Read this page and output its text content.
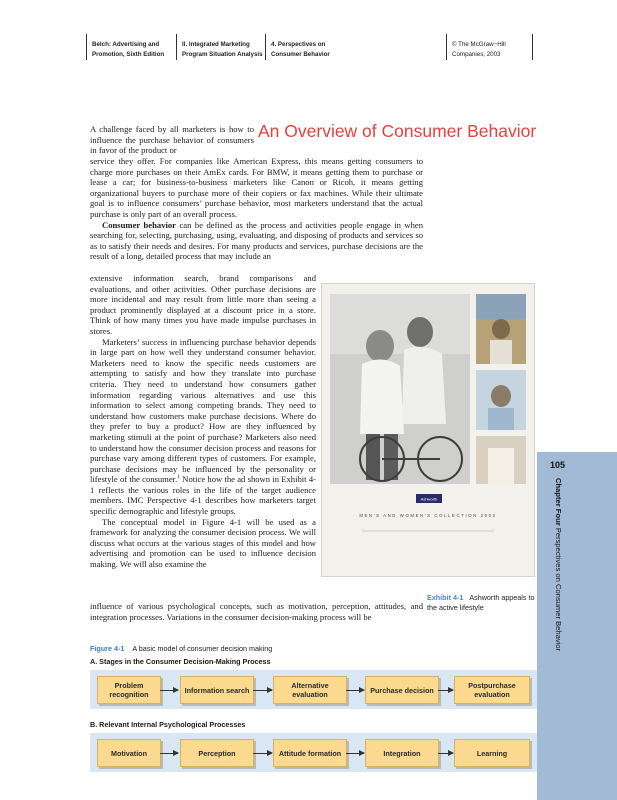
Belch: Advertising and
Promotion, Sixth Edition
II. Integrated Marketing
Program Situation Analysis
4. Perspectives on
Consumer Behavior
© The McGraw−Hill
Companies, 2003
An Overview of Consumer Behavior

A challenge faced by all marketers is how to influence the purchase behavior of consumers in favor of the product or

service they offer. For companies like American Express, this means getting consumers to charge more purchases on their AmEx cards. For BMW, it means getting them to purchase or lease a car; for business-to-business marketers like Canon or Ricoh, it means getting organizational buyers to purchase more of their copiers or fax machines. While their ultimate goal is to influence consumers’ purchase behavior, most marketers understand that the actual purchase is only part of an overall process.

Consumer behavior can be defined as the process and activities people engage in when searching for, selecting, purchasing, using, evaluating, and disposing of products and services so as to satisfy their needs and desires. For many products and services, purchase decisions are the result of a long, detailed process that may include an

extensive information search, brand comparisons and evaluations, and other activities. Other purchase decisions are more incidental and may result from little more than seeing a product prominently displayed at a discount price in a store. Think of how many times you have made impulse purchases in stores.

Marketers’ success in influencing purchase behavior depends in large part on how well they understand consumer behavior. Marketers need to know the specific needs customers are attempting to satisfy and how they translate into purchase criteria. They need to understand how consumers gather information regarding various alternatives and use this information to select among competing brands. They need to understand how customers make purchase decisions. Where do they prefer to buy a product? How are they influenced by marketing stimuli at the point of purchase? Marketers also need to understand how the consumer decision process and reasons for purchase vary among different types of customers. For example, purchase decisions may be influenced by the personality or lifestyle of the consumer.$^1$ Notice how the ad shown in Exhibit 4-1 reflects the various roles in the life of the target audience members. IMC Perspective 4-1 describes how marketers target specific demographic and lifestyle groups.

The conceptual model in Figure 4-1 will be used as a framework for analyzing the consumer decision process. We will discuss what occurs at the various stages of this model and how advertising and promotion can be used to influence decision making. We will also examine the

influence of various psychological concepts, such as motivation, perception, attitudes, and integration processes. Variations in the consumer decision-making process will be

Ashworth
MEN'S AND WOMEN'S COLLECTION 2002
Exhibit 4-1 Ashworth appeals to the active lifestyle
105
Chapter Four Perspectives on Consumer Behavior
Figure 4-1 A basic model of consumer decision making
A. Stages in the Consumer Decision-Making Process
Problem recognition	Information search	Alternative evaluation	Purchase decision	Postpurchase evaluation
B. Relevant Internal Psychological Processes
Motivation	Perception	Attitude formation	Integration	Learning
